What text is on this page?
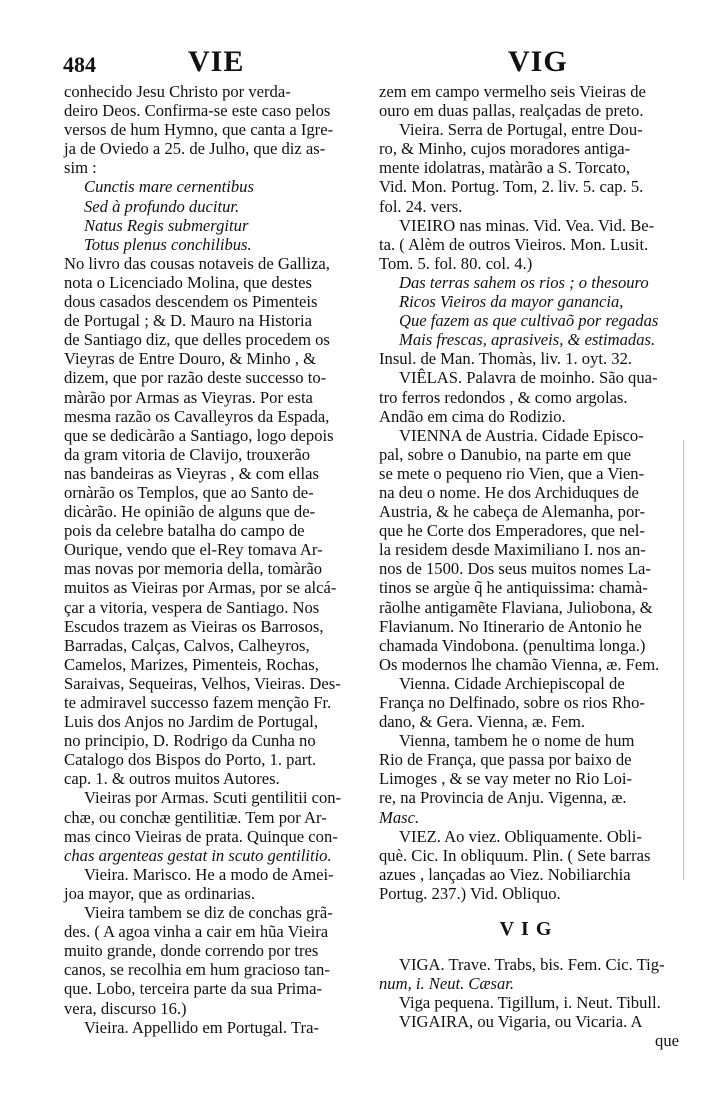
484	VIE	VIG
conhecido Jesu Christo por verda-
deiro Deos. Confirma-se este caso pelos
versos de hum Hymno, que canta a Igre-
ja de Oviedo a 25. de Julho, que diz as-
sim :
Cunctis mare cernentibus
Sed à profundo ducitur.
Natus Regis submergitur
Totus plenus conchilibus.
No livro das cousas notaveis de Galliza,
nota o Licenciado Molina, que destes
dous casados descendem os Pimenteis
de Portugal ; & D. Mauro na Historia
de Santiago diz, que delles procedem os
Vieyras de Entre Douro, & Minho , &
dizem, que por razão deste successo to-
màrão por Armas as Vieyras. Por esta
mesma razão os Cavalleyros da Espada,
que se dedicàrão a Santiago, logo depois
da gram vitoria de Clavijo, trouxerão
nas bandeiras as Vieyras , & com ellas
ornàrão os Templos, que ao Santo de-
dicàrão. He opinião de alguns que de-
pois da celebre batalha do campo de
Ourique, vendo que el-Rey tomava Ar-
mas novas por memoria della, tomàrão
muitos as Vieiras por Armas, por se alcá-
çar a vitoria, vespera de Santiago. Nos
Escudos trazem as Vieiras os Barrosos,
Barradas, Calças, Calvos, Calheyros,
Camelos, Marizes, Pimenteis, Rochas,
Saraivas, Sequeiras, Velhos, Vieiras. Des-
te admiravel successo fazem menção Fr.
Luis dos Anjos no Jardim de Portugal,
no principio, D. Rodrigo da Cunha no
Catalogo dos Bispos do Porto, 1. part.
cap. 1. & outros muitos Autores.
Vieiras por Armas. Scuti gentilitii con-
chæ, ou conchæ gentilitiæ. Tem por Ar-
mas cinco Vieiras de prata. Quinque con-
chas argenteas gestat in scuto gentilitio.
Vieira. Marisco. He a modo de Amei-
joa mayor, que as ordinarias.
Vieira tambem se diz de conchas grã-
des. ( A agoa vinha a cair em hũa Vieira
muito grande, donde correndo por tres
canos, se recolhia em hum gracioso tan-
que. Lobo, terceira parte da sua Prima-
vera, discurso 16.)
Vieira. Appellido em Portugal. Tra-
zem em campo vermelho seis Vieiras de
ouro em duas pallas, realçadas de preto.
Vieira. Serra de Portugal, entre Dou-
ro, & Minho, cujos moradores antiga-
mente idolatras, matàrão a S. Torcato,
Vid. Mon. Portug. Tom, 2. liv. 5. cap. 5.
fol. 24. vers.
VIEIRO nas minas. Vid. Vea. Vid. Be-
ta. ( Alèm de outros Vieiros. Mon. Lusit.
Tom. 5. fol. 80. col. 4.)
Das terras sahem os rios ; o thesouro
Ricos Vieiros da mayor ganancia,
Que fazem as que cultivaõ por regadas
Mais frescas, aprasiveis, & estimadas.
Insul. de Man. Thomàs, liv. 1. oyt. 32.
VIÊLAS. Palavra de moinho. São qua-
tro ferros redondos , & como argolas.
Andão em cima do Rodizio.
VIENNA de Austria. Cidade Episco-
pal, sobre o Danubio, na parte em que
se mete o pequeno rio Vien, que a Vien-
na deu o nome. He dos Archiduques de
Austria, & he cabeça de Alemanha, por-
que he Corte dos Emperadores, que nel-
la residem desde Maximiliano I. nos an-
nos de 1500. Dos seus muitos nomes La-
tinos se argùe q̃ he antiquissima: chamà-
rãolhe antigamẽte Flaviana, Juliobona, &
Flavianum. No Itinerario de Antonio he
chamada Vindobona. (penultima longa.)
Os modernos lhe chamão Vienna, æ. Fem.
Vienna. Cidade Archiepiscopal de
França no Delfinado, sobre os rios Rho-
dano, & Gera. Vienna, æ. Fem.
Vienna, tambem he o nome de hum
Rio de França, que passa por baixo de
Limoges , & se vay meter no Rio Loi-
re, na Provincia de Anju. Vigenna, æ.
Masc.
VIEZ. Ao viez. Obliquamente. Obli-
què. Cic. In obliquum. Plin. ( Sete barras
azues , lançadas ao Viez. Nobiliarchia
Portug. 237.) Vid. Obliquo.
VIG
VIGA. Trave. Trabs, bis. Fem. Cic. Tig-
num, i. Neut. Cæsar.
Viga pequena. Tigillum, i. Neut. Tibull.
VIGAIRA, ou Vigaria, ou Vicaria. A
que
